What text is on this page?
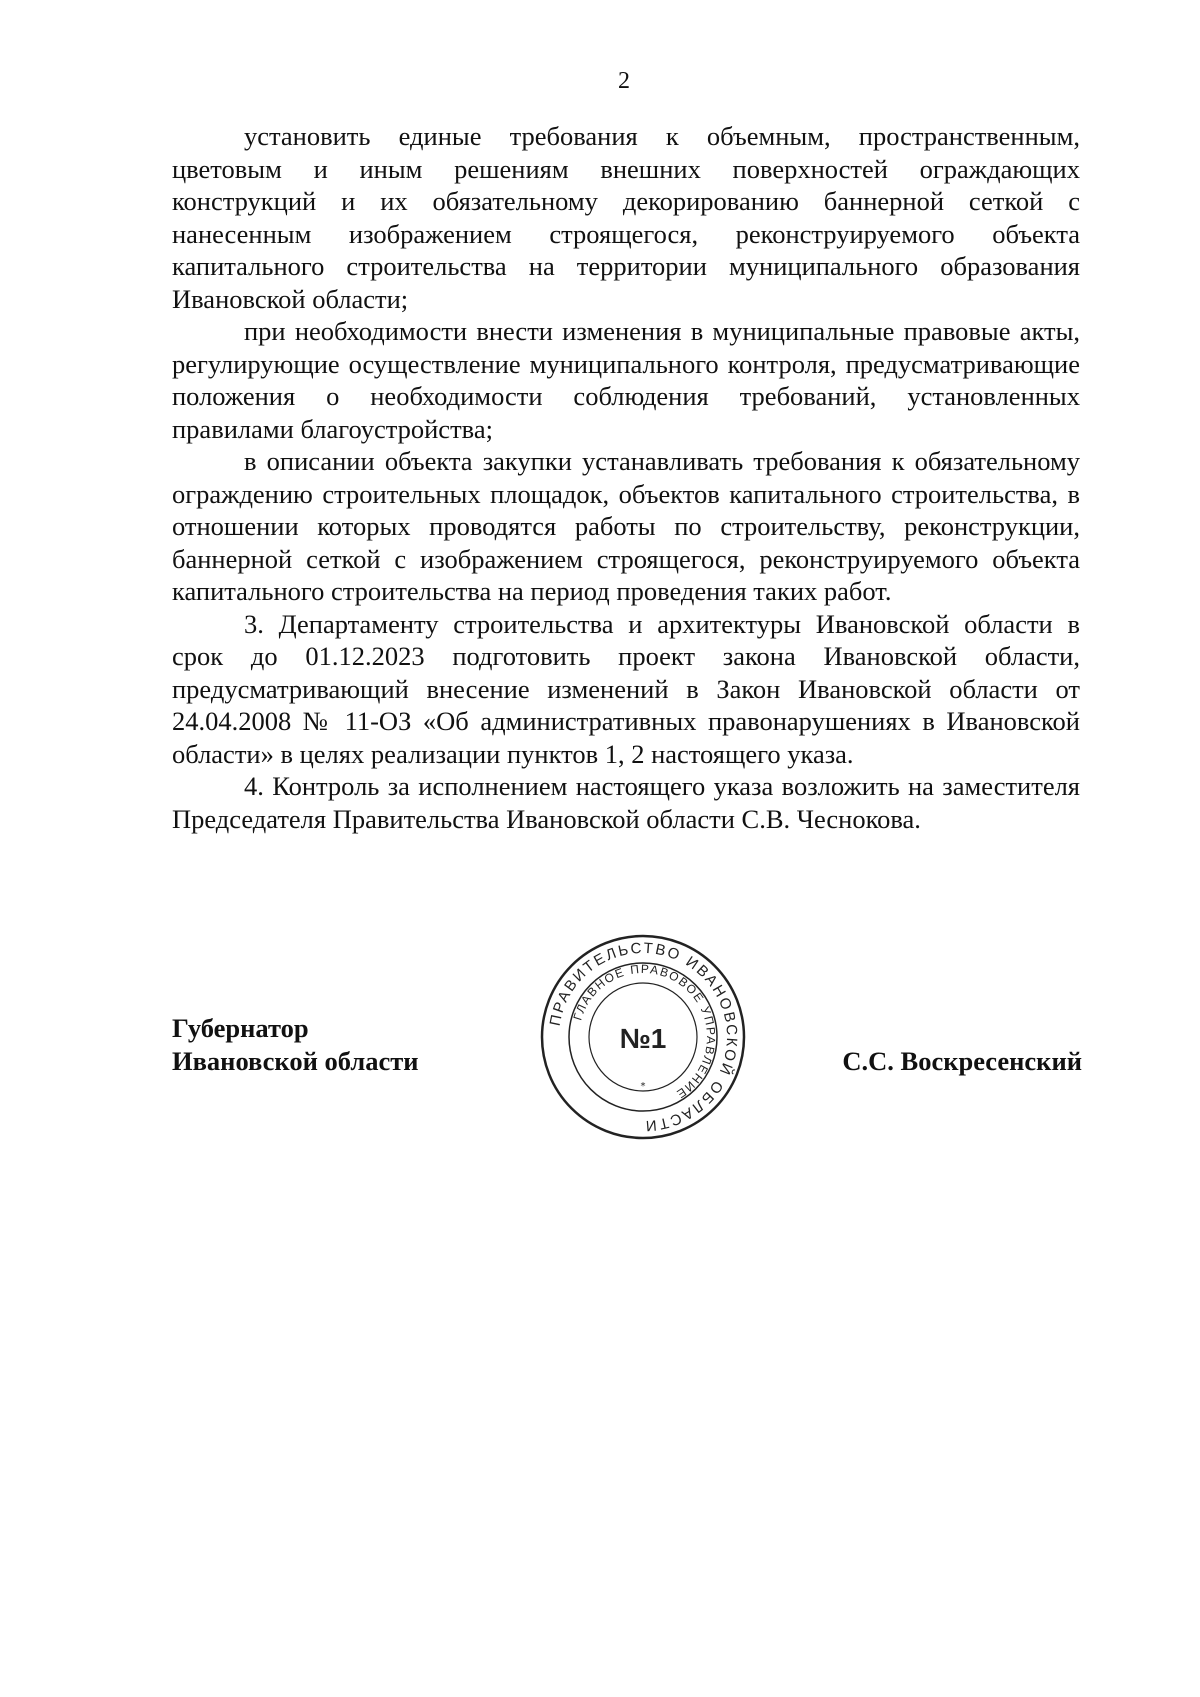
2

установить единые требования к объемным, пространственным, цветовым и иным решениям внешних поверхностей ограждающих конструкций и их обязательному декорированию баннерной сеткой с нанесенным изображением строящегося, реконструируемого объекта капитального строительства на территории муниципального образования Ивановской области;

при необходимости внести изменения в муниципальные правовые акты, регулирующие осуществление муниципального контроля, предусматривающие положения о необходимости соблюдения требований, установленных правилами благоустройства;

в описании объекта закупки устанавливать требования к обязательному ограждению строительных площадок, объектов капитального строительства, в отношении которых проводятся работы по строительству, реконструкции, баннерной сеткой с изображением строящегося, реконструируемого объекта капитального строительства на период проведения таких работ.

3. Департаменту строительства и архитектуры Ивановской области в срок до 01.12.2023 подготовить проект закона Ивановской области, предусматривающий внесение изменений в Закон Ивановской области от 24.04.2008 № 11-ОЗ «Об административных правонарушениях в Ивановской области» в целях реализации пунктов 1, 2 настоящего указа.

4. Контроль за исполнением настоящего указа возложить на заместителя Председателя Правительства Ивановской области С.В. Чеснокова.

Губернатор
Ивановской области	С.С. Воскресенский
ПРАВИТЕЛЬСТВО ИВАНОВСКОЙ ОБЛАСТИ
ГЛАВНОЕ ПРАВОВОЕ УПРАВЛЕНИЕ
№1
*
